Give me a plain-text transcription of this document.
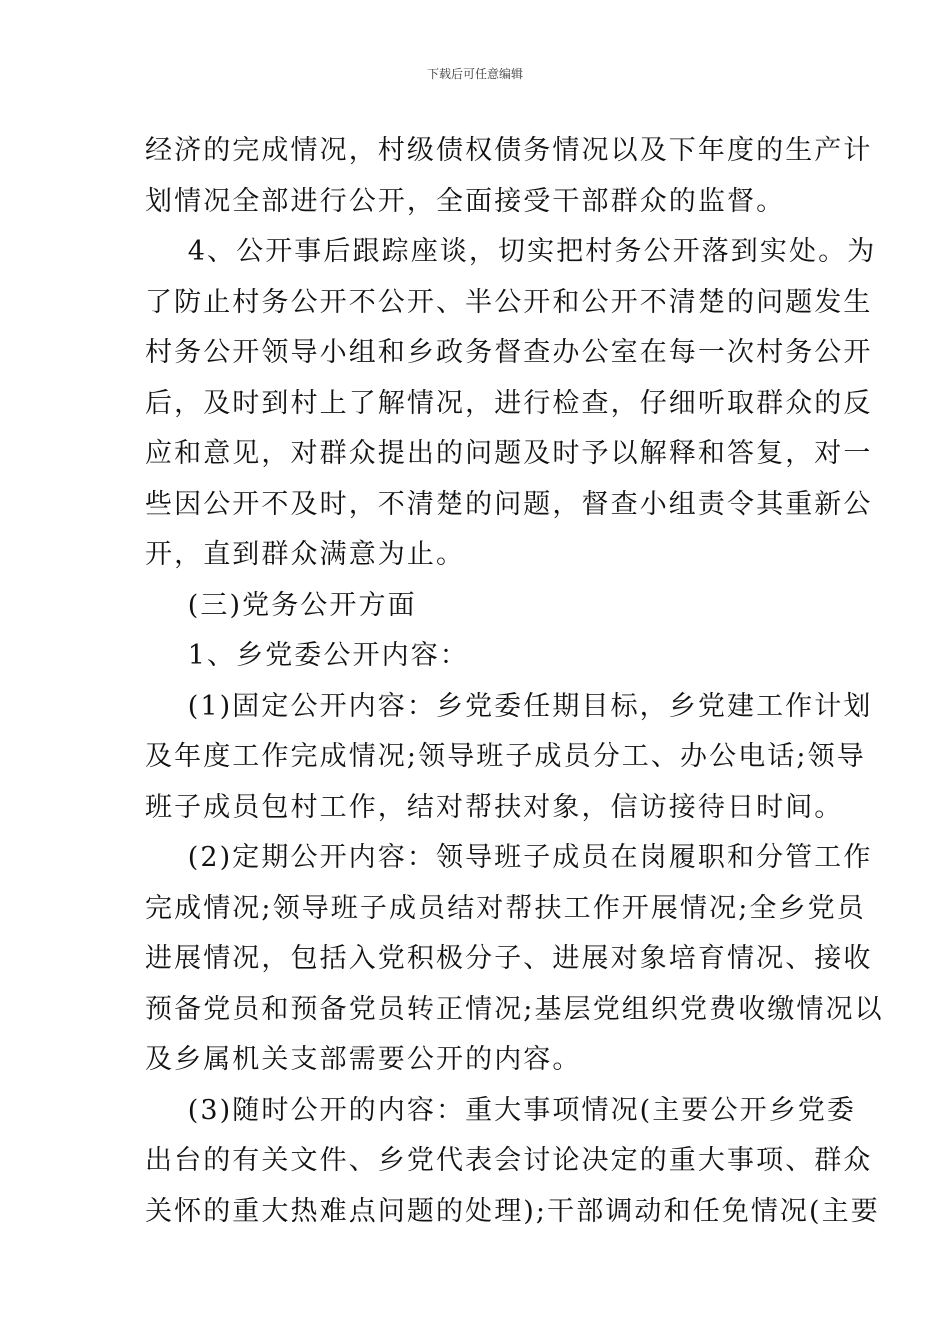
下载后可任意编辑
经济的完成情况，村级债权债务情况以及下年度的生产计
划情况全部进行公开，全面接受干部群众的监督。
4、公开事后跟踪座谈，切实把村务公开落到实处。为
了防止村务公开不公开、半公开和公开不清楚的问题发生
村务公开领导小组和乡政务督查办公室在每一次村务公开
后，及时到村上了解情况，进行检查，仔细听取群众的反
应和意见，对群众提出的问题及时予以解释和答复，对一
些因公开不及时，不清楚的问题，督查小组责令其重新公
开，直到群众满意为止。
(三)党务公开方面
1、乡党委公开内容：
(1)固定公开内容：乡党委任期目标，乡党建工作计划
及年度工作完成情况;领导班子成员分工、办公电话;领导
班子成员包村工作，结对帮扶对象，信访接待日时间。
(2)定期公开内容：领导班子成员在岗履职和分管工作
完成情况;领导班子成员结对帮扶工作开展情况;全乡党员
进展情况，包括入党积极分子、进展对象培育情况、接收
预备党员和预备党员转正情况;基层党组织党费收缴情况以
及乡属机关支部需要公开的内容。
(3)随时公开的内容：重大事项情况(主要公开乡党委
出台的有关文件、乡党代表会讨论决定的重大事项、群众
关怀的重大热难点问题的处理);干部调动和任免情况(主要
